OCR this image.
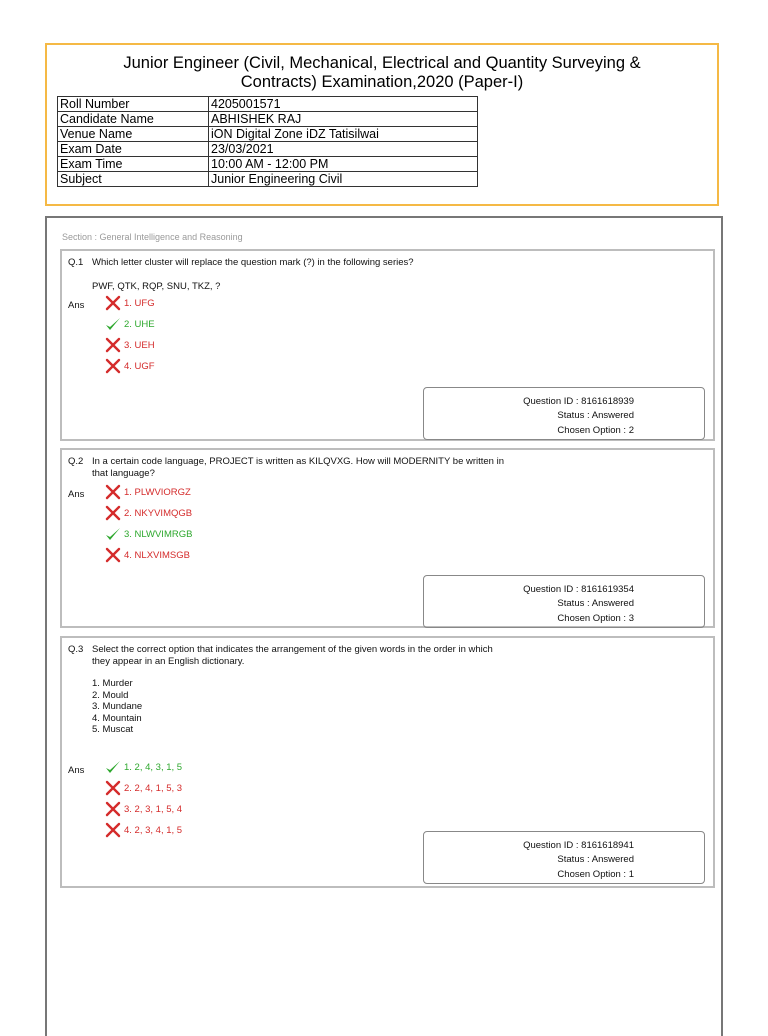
Junior Engineer (Civil, Mechanical, Electrical and Quantity Surveying &
Contracts) Examination,2020 (Paper-I)
Roll Number	4205001571
Candidate Name	ABHISHEK RAJ
Venue Name	iON Digital Zone iDZ Tatisilwai
Exam Date	23/03/2021
Exam Time	10:00 AM - 12:00 PM
Subject	Junior Engineering Civil
Section : General Intelligence and Reasoning
Q.1 Which letter cluster will replace the question mark (?) in the following series?
PWF, QTK, RQP, SNU, TKZ, ?
Ans	1. UFG
2. UHE
3. UEH
4. UGF
Question ID : 8161618939
Status : Answered
Chosen Option : 2
Q.2 In a certain code language, PROJECT is written as KILQVXG. How will MODERNITY be written in that language?
Ans	1. PLWVIORGZ
2. NKYVIMQGB
3. NLWVIMRGB
4. NLXVIMSGB
Question ID : 8161619354
Status : Answered
Chosen Option : 3
Q.3 Select the correct option that indicates the arrangement of the given words in the order in which they appear in an English dictionary.
1. Murder
2. Mould
3. Mundane
4. Mountain
5. Muscat
Ans	1. 2, 4, 3, 1, 5
2. 2, 4, 1, 5, 3
3. 2, 3, 1, 5, 4
4. 2, 3, 4, 1, 5
Question ID : 8161618941
Status : Answered
Chosen Option : 1
